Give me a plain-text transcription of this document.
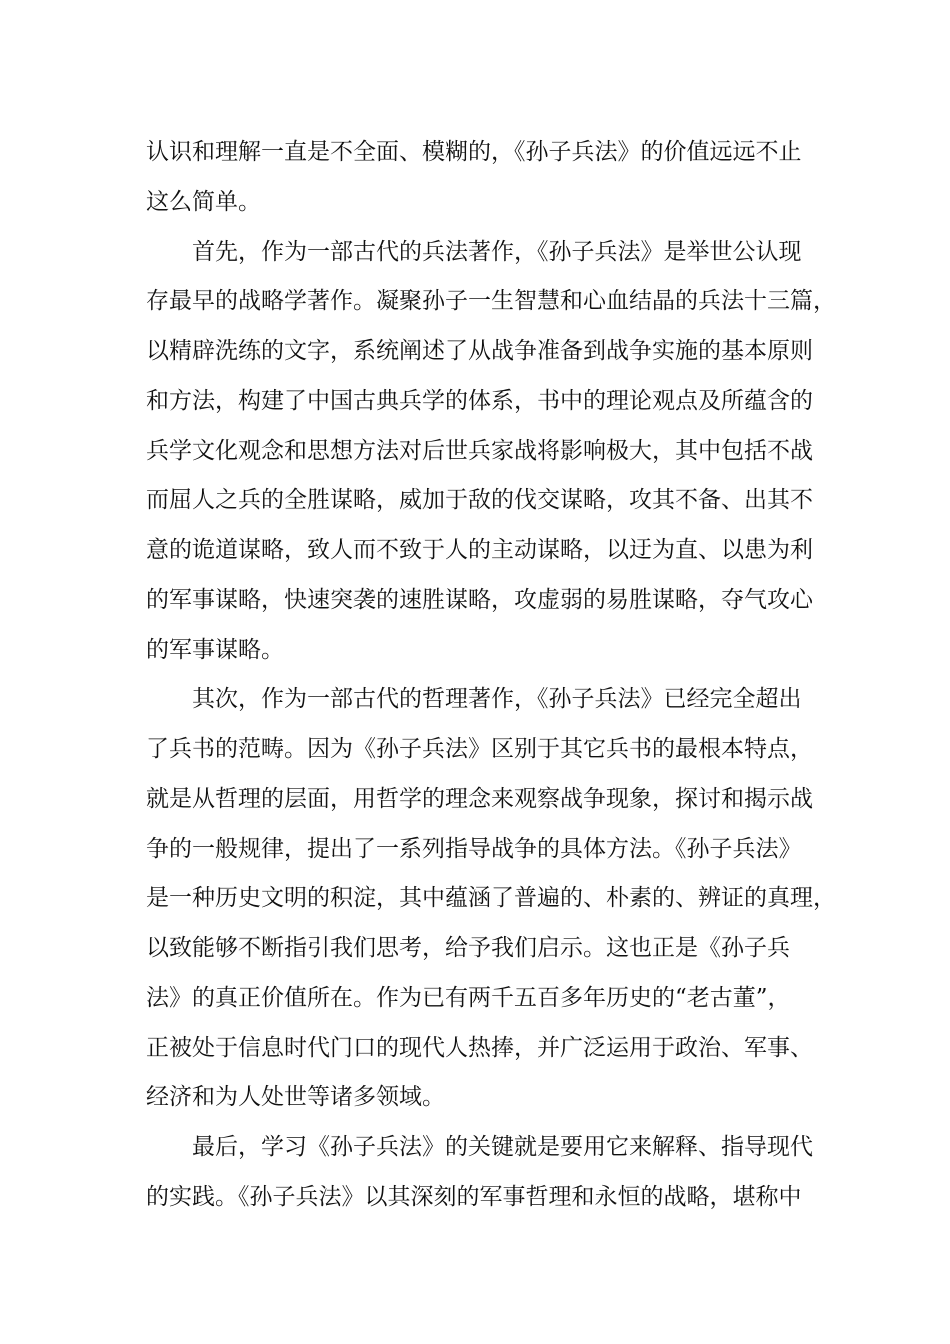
认识和理解一直是不全面、模糊的，《孙子兵法》的价值远远不止
这么简单。
首先，作为一部古代的兵法著作，《孙子兵法》是举世公认现
存最早的战略学著作。凝聚孙子一生智慧和心血结晶的兵法十三篇，
以精辟洗练的文字，系统阐述了从战争准备到战争实施的基本原则
和方法，构建了中国古典兵学的体系，书中的理论观点及所蕴含的
兵学文化观念和思想方法对后世兵家战将影响极大，其中包括不战
而屈人之兵的全胜谋略，威加于敌的伐交谋略，攻其不备、出其不
意的诡道谋略，致人而不致于人的主动谋略，以迂为直、以患为利
的军事谋略，快速突袭的速胜谋略，攻虚弱的易胜谋略，夺气攻心
的军事谋略。
其次，作为一部古代的哲理著作，《孙子兵法》已经完全超出
了兵书的范畴。因为《孙子兵法》区别于其它兵书的最根本特点，
就是从哲理的层面，用哲学的理念来观察战争现象，探讨和揭示战
争的一般规律，提出了一系列指导战争的具体方法。《孙子兵法》
是一种历史文明的积淀，其中蕴涵了普遍的、朴素的、辨证的真理，
以致能够不断指引我们思考，给予我们启示。这也正是《孙子兵
法》的真正价值所在。作为已有两千五百多年历史的“老古董”，
正被处于信息时代门口的现代人热捧，并广泛运用于政治、军事、
经济和为人处世等诸多领域。
最后，学习《孙子兵法》的关键就是要用它来解释、指导现代
的实践。《孙子兵法》以其深刻的军事哲理和永恒的战略，堪称中
